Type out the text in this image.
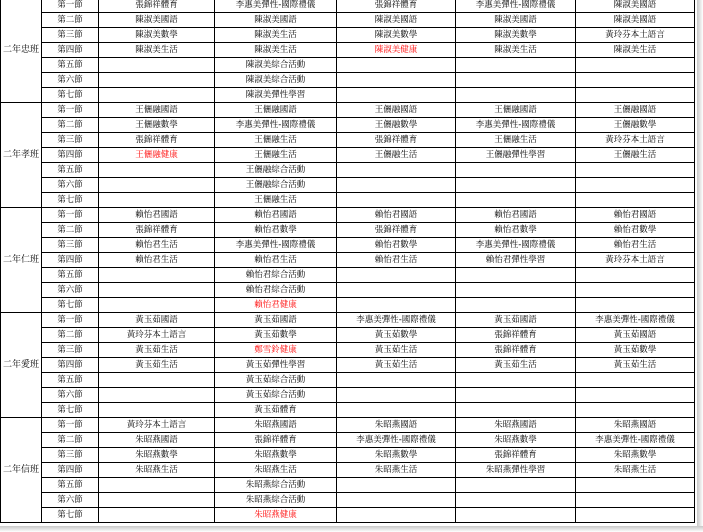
二年忠班	第一節	張錦祥體育	李惠美彈性-國際禮儀	張錦祥體育	李惠美彈性-國際禮儀	陳淑美國語
	第二節	陳淑美國語	陳淑美國語	陳淑美國語	陳淑美國語	陳淑美國語
	第三節	陳淑美數學	陳淑美生活	陳淑美數學	陳淑美數學	黃玲芬本土語言
	第四節	陳淑美生活	陳淑美生活	陳淑美健康	陳淑美生活	陳淑美生活
	第五節		陳淑美綜合活動			
	第六節		陳淑美綜合活動			
	第七節		陳淑美彈性學習			
二年孝班	第一節	王儷融國語	王儷融國語	王儷融國語	王儷融國語	王儷融國語
	第二節	王儷融數學	李惠美彈性-國際禮儀	王儷融數學	李惠美彈性-國際禮儀	王儷融數學
	第三節	張錦祥體育	王儷融生活	張錦祥體育	王儷融生活	黃玲芬本土語言
	第四節	王儷融健康	王儷融生活	王儷融生活	王儷融彈性學習	王儷融生活
	第五節		王儷融綜合活動			
	第六節		王儷融綜合活動			
	第七節		王儷融生活			
二年仁班	第一節	賴怡君國語	賴怡君國語	賴怡君國語	賴怡君國語	賴怡君國語
	第二節	張錦祥體育	賴怡君數學	張錦祥體育	賴怡君數學	賴怡君數學
	第三節	賴怡君生活	李惠美彈性-國際禮儀	賴怡君數學	李惠美彈性-國際禮儀	賴怡君生活
	第四節	賴怡君生活	賴怡君生活	賴怡君生活	賴怡君彈性學習	黃玲芬本土語言
	第五節		賴怡君綜合活動			
	第六節		賴怡君綜合活動			
	第七節		賴怡君健康			
二年愛班	第一節	黃玉茹國語	黃玉茹國語	李惠美彈性-國際禮儀	黃玉茹國語	李惠美彈性-國際禮儀
	第二節	黃玲芬本土語言	黃玉茹數學	黃玉茹數學	張錦祥體育	黃玉茹國語
	第三節	黃玉茹生活	鄭雪鈴健康	黃玉茹生活	張錦祥體育	黃玉茹數學
	第四節	黃玉茹生活	黃玉茹彈性學習	黃玉茹生活	黃玉茹生活	黃玉茹生活
	第五節		黃玉茹綜合活動			
	第六節		黃玉茹綜合活動			
	第七節		黃玉茹體育			
二年信班	第一節	黃玲芬本土語言	朱昭燕國語	朱昭燕國語	朱昭燕國語	朱昭燕國語
	第二節	朱昭燕國語	張錦祥體育	李惠美彈性-國際禮儀	朱昭燕數學	李惠美彈性-國際禮儀
	第三節	朱昭燕數學	朱昭燕數學	朱昭燕數學	張錦祥體育	朱昭燕數學
	第四節	朱昭燕生活	朱昭燕生活	朱昭燕生活	朱昭燕彈性學習	朱昭燕生活
	第五節		朱昭燕綜合活動			
	第六節		朱昭燕綜合活動			
	第七節		朱昭燕健康			
